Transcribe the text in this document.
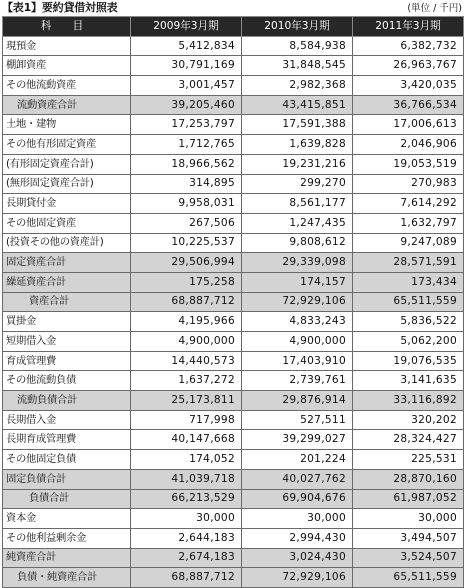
【表1】要約貸借対照表	(単位 / 千円)
科 目	2009年3月期	2010年3月期	2011年3月期
現預金	5,412,834	8,584,938	6,382,732
棚卸資産	30,791,169	31,848,545	26,963,767
その他流動資産	3,001,457	2,982,368	3,420,035
流動資産合計	39,205,460	43,415,851	36,766,534
土地・建物	17,253,797	17,591,388	17,006,613
その他有形固定資産	1,712,765	1,639,828	2,046,906
(有形固定資産合計)	18,966,562	19,231,216	19,053,519
(無形固定資産合計)	314,895	299,270	270,983
長期貸付金	9,958,031	8,561,177	7,614,292
その他固定資産	267,506	1,247,435	1,632,797
(投資その他の資産計)	10,225,537	9,808,612	9,247,089
固定資産合計	29,506,994	29,339,098	28,571,591
繰延資産合計	175,258	174,157	173,434
資産合計	68,887,712	72,929,106	65,511,559
買掛金	4,195,966	4,833,243	5,836,522
短期借入金	4,900,000	4,900,000	5,062,200
育成管理費	14,440,573	17,403,910	19,076,535
その他流動負債	1,637,272	2,739,761	3,141,635
流動負債合計	25,173,811	29,876,914	33,116,892
長期借入金	717,998	527,511	320,202
長期育成管理費	40,147,668	39,299,027	28,324,427
その他固定負債	174,052	201,224	225,531
固定負債合計	41,039,718	40,027,762	28,870,160
負債合計	66,213,529	69,904,676	61,987,052
資本金	30,000	30,000	30,000
その他利益剰余金	2,644,183	2,994,430	3,494,507
純資産合計	2,674,183	3,024,430	3,524,507
負債・純資産合計	68,887,712	72,929,106	65,511,559
